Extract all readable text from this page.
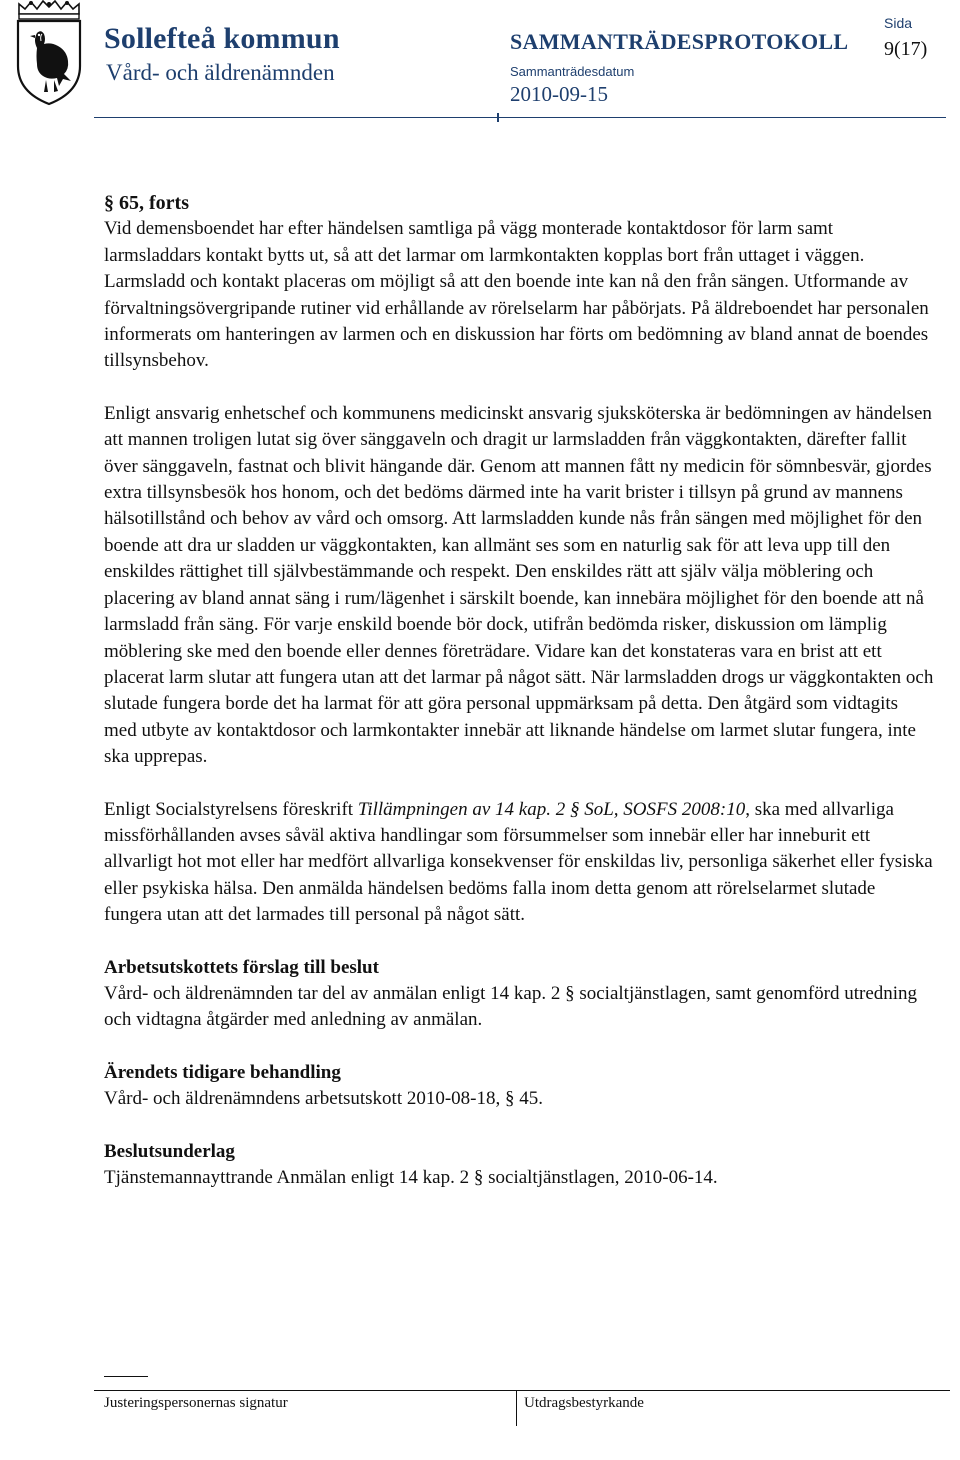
Sollefteå kommun
Vård- och äldrenämnden
SAMMANTRÄDESPROTOKOLL
Sammanträdesdatum
2010-09-15
Sida
9(17)

§ 65, forts

Vid demensboendet har efter händelsen samtliga på vägg monterade kontaktdosor för larm samt larmsladdars kontakt bytts ut, så att det larmar om larmkontakten kopplas bort från uttaget i väggen. Larmsladd och kontakt placeras om möjligt så att den boende inte kan nå den från sängen. Utformande av förvaltningsövergripande rutiner vid erhållande av rörelselarm har påbörjats. På äldreboendet har personalen informerats om hanteringen av larmen och en diskussion har förts om bedömning av bland annat de boendes tillsynsbehov.

Enligt ansvarig enhetschef och kommunens medicinskt ansvarig sjuksköterska är bedömningen av händelsen att mannen troligen lutat sig över sänggaveln och dragit ur larmsladden från väggkontakten, därefter fallit över sänggaveln, fastnat och blivit hängande där. Genom att mannen fått ny medicin för sömnbesvär, gjordes extra tillsynsbesök hos honom, och det bedöms därmed inte ha varit brister i tillsyn på grund av mannens hälsotillstånd och behov av vård och omsorg. Att larmsladden kunde nås från sängen med möjlighet för den boende att dra ur sladden ur väggkontakten, kan allmänt ses som en naturlig sak för att leva upp till den enskildes rättighet till självbestämmande och respekt. Den enskildes rätt att själv välja möblering och placering av bland annat säng i rum/lägenhet i särskilt boende, kan innebära möjlighet för den boende att nå larmsladd från säng. För varje enskild boende bör dock, utifrån bedömda risker, diskussion om lämplig möblering ske med den boende eller dennes företrädare. Vidare kan det konstateras vara en brist att ett placerat larm slutar att fungera utan att det larmar på något sätt. När larmsladden drogs ur väggkontakten och slutade fungera borde det ha larmat för att göra personal uppmärksam på detta. Den åtgärd som vidtagits med utbyte av kontaktdosor och larmkontakter innebär att liknande händelse om larmet slutar fungera, inte ska upprepas.

Enligt Socialstyrelsens föreskrift Tillämpningen av 14 kap. 2 § SoL, SOSFS 2008:10, ska med allvarliga missförhållanden avses såväl aktiva handlingar som försummelser som innebär eller har inneburit ett allvarligt hot mot eller har medfört allvarliga konsekvenser för enskildas liv, personliga säkerhet eller fysiska eller psykiska hälsa. Den anmälda händelsen bedöms falla inom detta genom att rörelselarmet slutade fungera utan att det larmades till personal på något sätt.

Arbetsutskottets förslag till beslut

Vård- och äldrenämnden tar del av anmälan enligt 14 kap. 2 § socialtjänstlagen, samt genomförd utredning och vidtagna åtgärder med anledning av anmälan.

Ärendets tidigare behandling

Vård- och äldrenämndens arbetsutskott 2010-08-18, § 45.

Beslutsunderlag

Tjänstemannayttrande Anmälan enligt 14 kap. 2 § socialtjänstlagen, 2010-06-14.

Justeringspersonernas signatur	Utdragsbestyrkande
